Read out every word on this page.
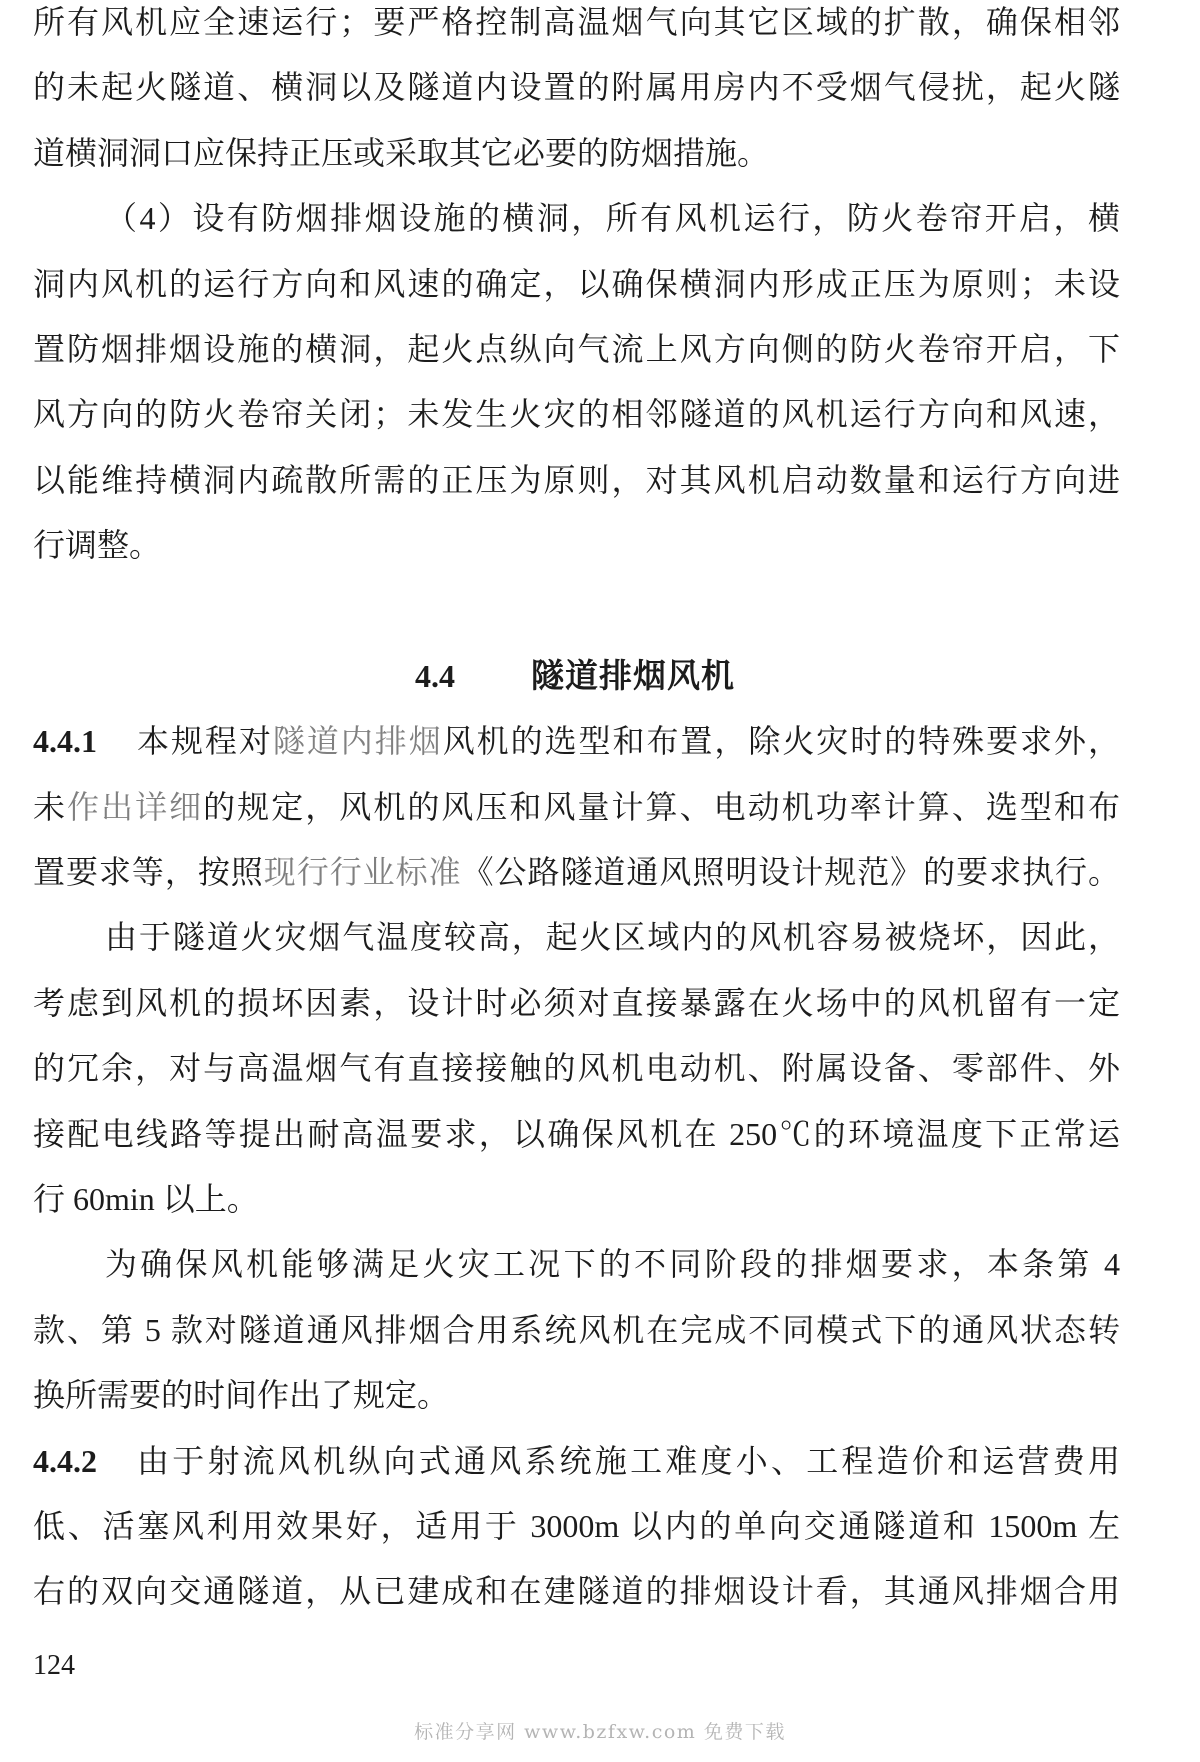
所有风机应全速运行；要严格控制高温烟气向其它区域的扩散，确保相邻
的未起火隧道、横洞以及隧道内设置的附属用房内不受烟气侵扰，起火隧
道横洞洞口应保持正压或采取其它必要的防烟措施。
（4）设有防烟排烟设施的横洞，所有风机运行，防火卷帘开启，横
洞内风机的运行方向和风速的确定，以确保横洞内形成正压为原则；未设
置防烟排烟设施的横洞，起火点纵向气流上风方向侧的防火卷帘开启，下
风方向的防火卷帘关闭；未发生火灾的相邻隧道的风机运行方向和风速，
以能维持横洞内疏散所需的正压为原则，对其风机启动数量和运行方向进
行调整。
4.4 隧道排烟风机
4.4.1	本规程对隧道内排烟风机的选型和布置，除火灾时的特殊要求外，
未作出详细的规定，风机的风压和风量计算、电动机功率计算、选型和布
置要求等，按照现行行业标准《公路隧道通风照明设计规范》的要求执行。
由于隧道火灾烟气温度较高，起火区域内的风机容易被烧坏，因此，
考虑到风机的损坏因素，设计时必须对直接暴露在火场中的风机留有一定
的冗余，对与高温烟气有直接接触的风机电动机、附属设备、零部件、外
接配电线路等提出耐高温要求，以确保风机在 250℃的环境温度下正常运
行 60min 以上。
为确保风机能够满足火灾工况下的不同阶段的排烟要求，本条第 4
款、第 5 款对隧道通风排烟合用系统风机在完成不同模式下的通风状态转
换所需要的时间作出了规定。
4.4.2	由于射流风机纵向式通风系统施工难度小、工程造价和运营费用
低、活塞风利用效果好，适用于 3000m 以内的单向交通隧道和 1500m 左
右的双向交通隧道，从已建成和在建隧道的排烟设计看，其通风排烟合用
124
标准分享网 www.bzfxw.com 免费下载
